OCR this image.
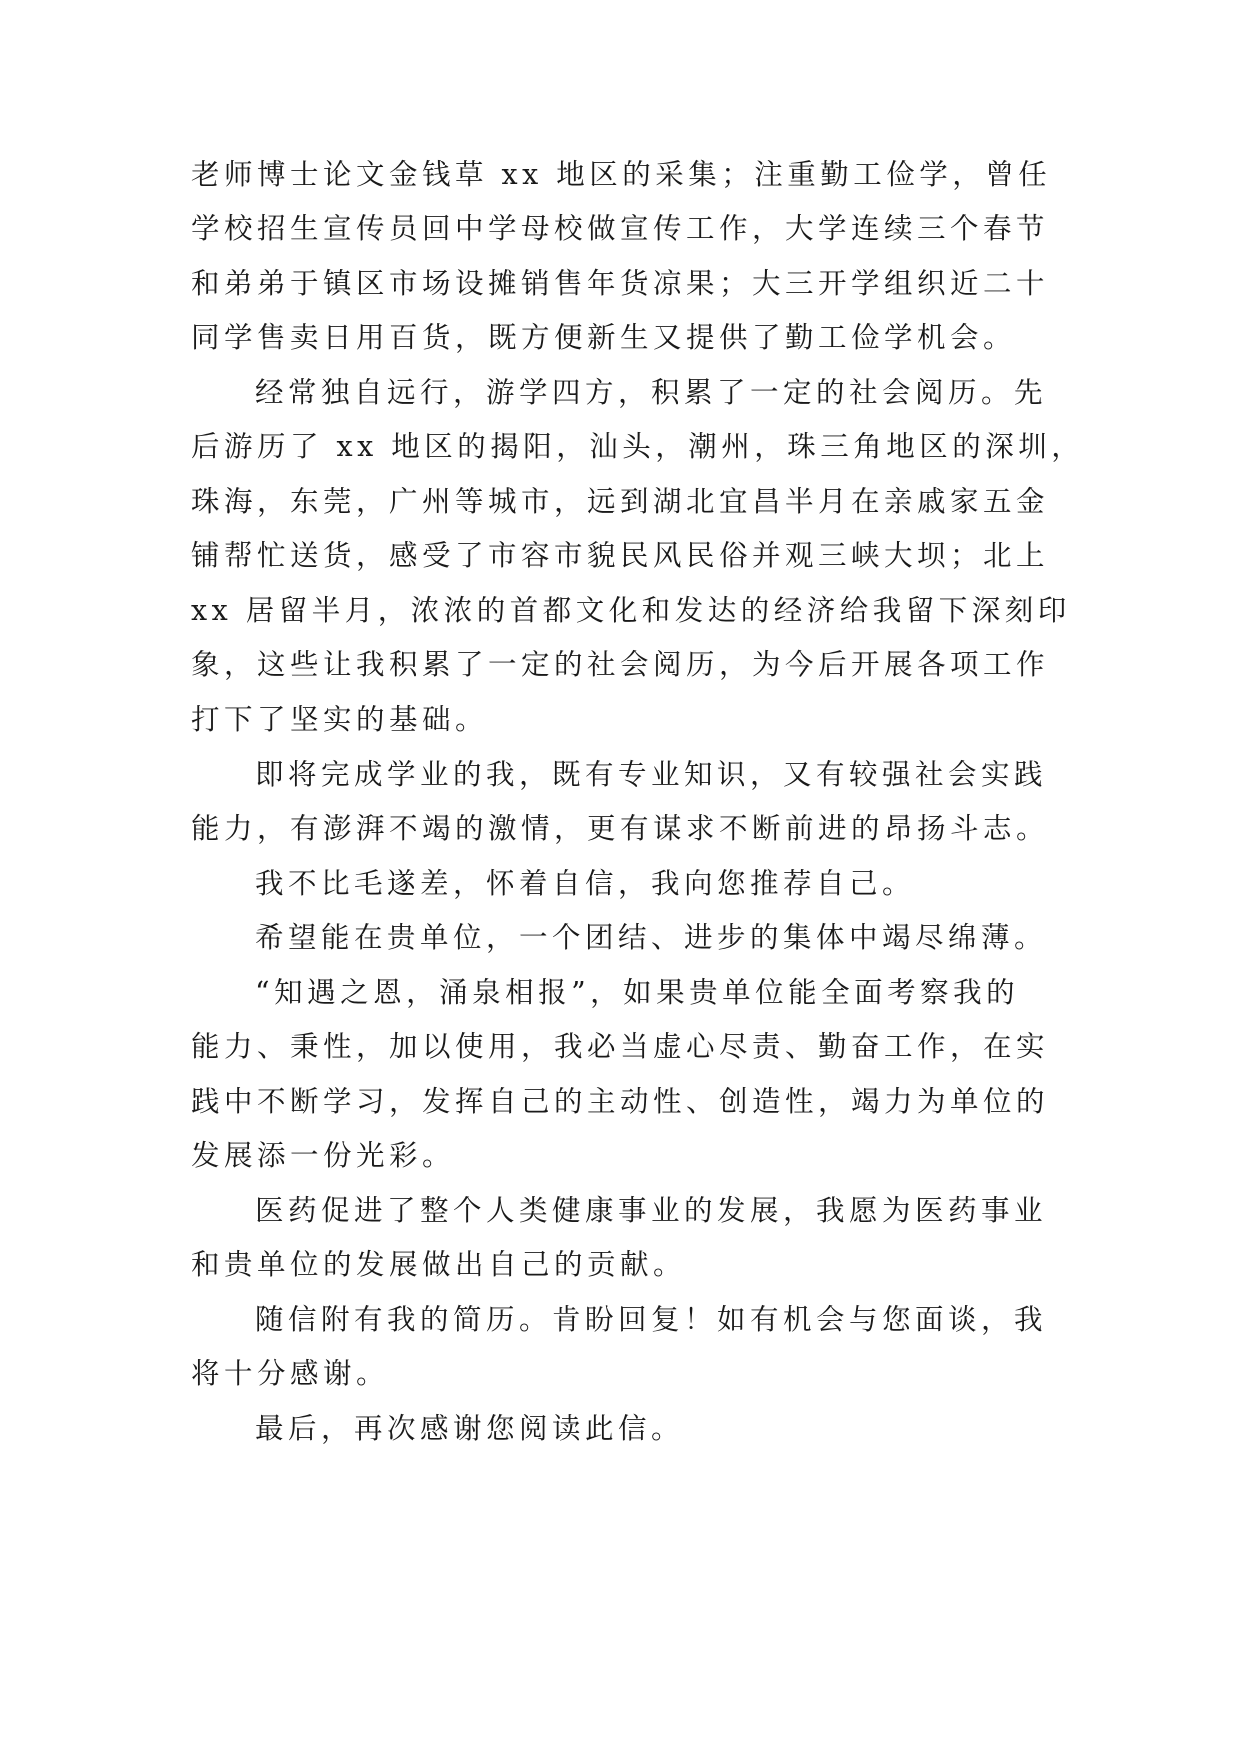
老师博士论文金钱草 xx 地区的采集；注重勤工俭学，曾任
学校招生宣传员回中学母校做宣传工作，大学连续三个春节
和弟弟于镇区市场设摊销售年货凉果；大三开学组织近二十
同学售卖日用百货，既方便新生又提供了勤工俭学机会。
经常独自远行，游学四方，积累了一定的社会阅历。先
后游历了 xx 地区的揭阳，汕头，潮州，珠三角地区的深圳，
珠海，东莞，广州等城市，远到湖北宜昌半月在亲戚家五金
铺帮忙送货，感受了市容市貌民风民俗并观三峡大坝；北上
xx 居留半月，浓浓的首都文化和发达的经济给我留下深刻印
象，这些让我积累了一定的社会阅历，为今后开展各项工作
打下了坚实的基础。
即将完成学业的我，既有专业知识，又有较强社会实践
能力，有澎湃不竭的激情，更有谋求不断前进的昂扬斗志。
我不比毛遂差，怀着自信，我向您推荐自己。
希望能在贵单位，一个团结、进步的集体中竭尽绵薄。
“知遇之恩，涌泉相报”，如果贵单位能全面考察我的
能力、秉性，加以使用，我必当虚心尽责、勤奋工作，在实
践中不断学习，发挥自己的主动性、创造性，竭力为单位的
发展添一份光彩。
医药促进了整个人类健康事业的发展，我愿为医药事业
和贵单位的发展做出自己的贡献。
随信附有我的简历。肯盼回复！如有机会与您面谈，我
将十分感谢。
最后，再次感谢您阅读此信。
